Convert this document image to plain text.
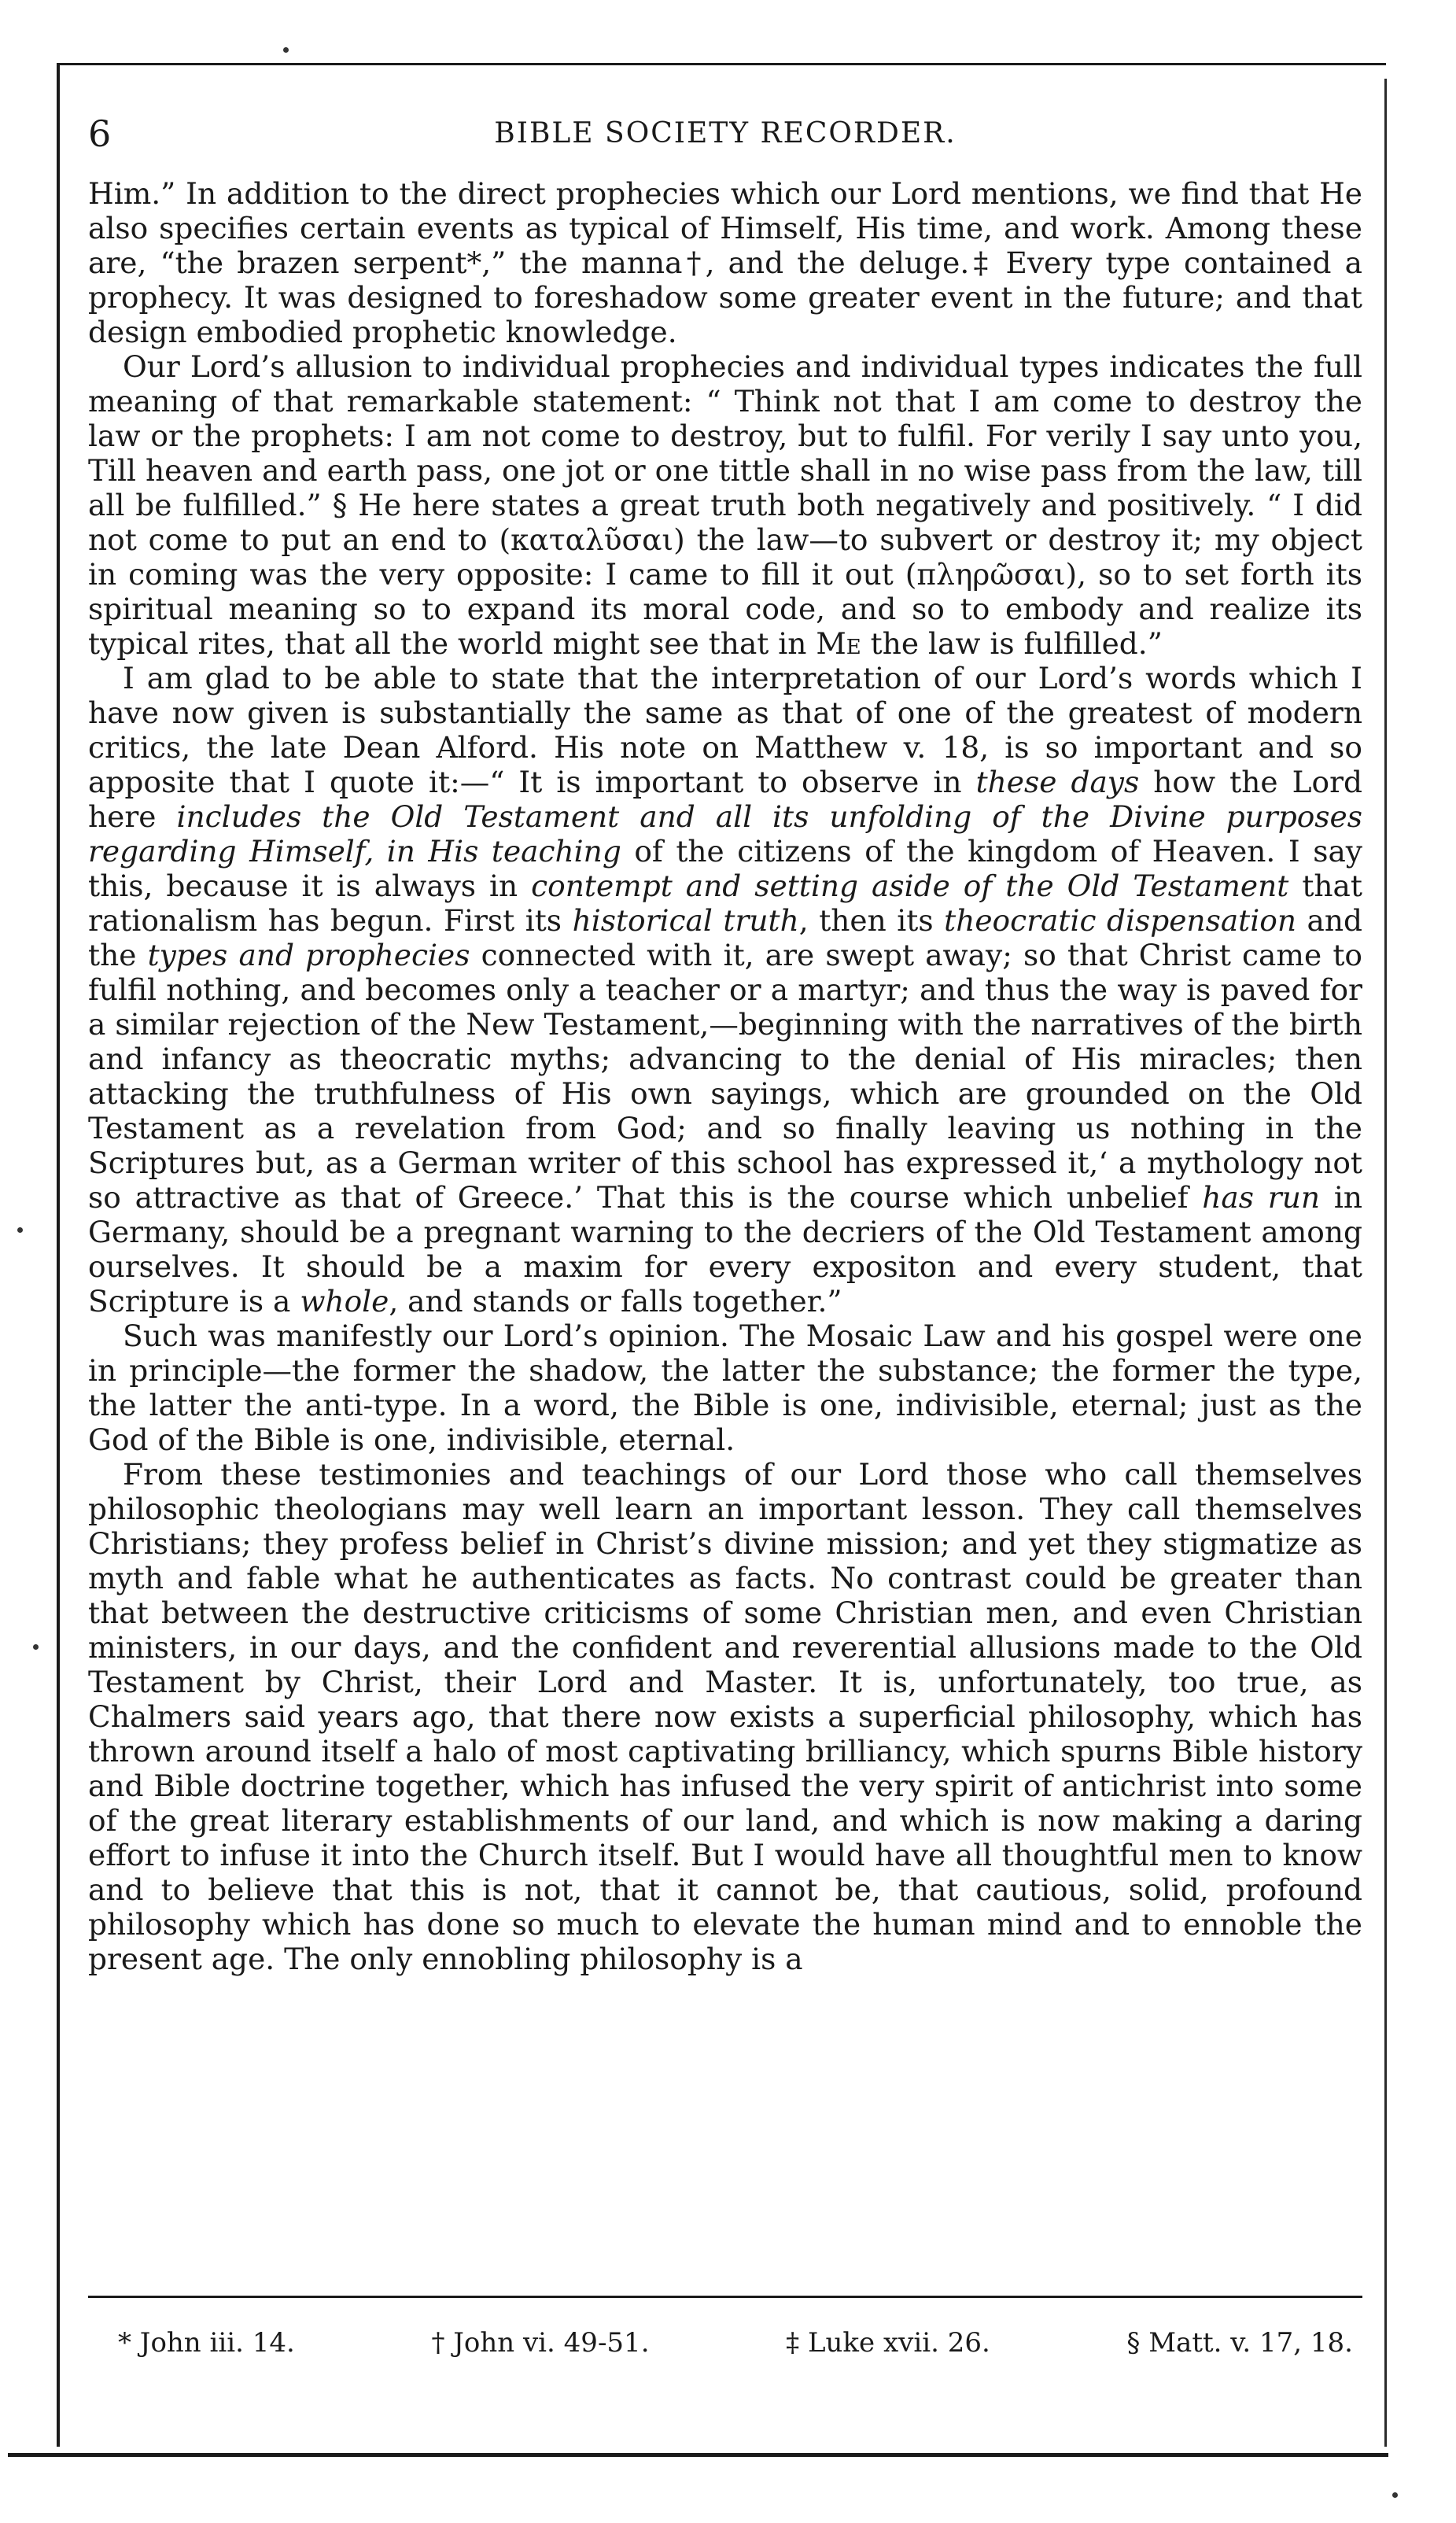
6	BIBLE SOCIETY RECORDER.

Him.” In addition to the direct prophecies which our Lord mentions, we find that He also specifies certain events as typical of Himself, His time, and work. Among these are, “the brazen serpent*,” the manna†, and the deluge.‡ Every type contained a prophecy. It was designed to foreshadow some greater event in the future; and that design embodied prophetic knowledge.

Our Lord’s allusion to individual prophecies and individual types indicates the full meaning of that remarkable statement: “ Think not that I am come to destroy the law or the prophets: I am not come to destroy, but to fulfil. For verily I say unto you, Till heaven and earth pass, one jot or one tittle shall in no wise pass from the law, till all be fulfilled.” § He here states a great truth both negatively and positively. “ I did not come to put an end to (καταλῦσαι) the law—to subvert or destroy it; my object in coming was the very opposite: I came to fill it out (πληρῶσαι), so to set forth its spiritual meaning so to expand its moral code, and so to embody and realize its typical rites, that all the world might see that in Me the law is fulfilled.”

I am glad to be able to state that the interpretation of our Lord’s words which I have now given is substantially the same as that of one of the greatest of modern critics, the late Dean Alford. His note on Matthew v. 18, is so important and so apposite that I quote it:—“ It is important to observe in these days how the Lord here includes the Old Testament and all its unfolding of the Divine purposes regarding Himself, in His teaching of the citizens of the kingdom of Heaven. I say this, because it is always in contempt and setting aside of the Old Testament that rationalism has begun. First its historical truth, then its theocratic dispensation and the types and prophecies connected with it, are swept away; so that Christ came to fulfil nothing, and becomes only a teacher or a martyr; and thus the way is paved for a similar rejection of the New Testament,—beginning with the narratives of the birth and infancy as theocratic myths; advancing to the denial of His miracles; then attacking the truthfulness of His own sayings, which are grounded on the Old Testament as a revelation from God; and so finally leaving us nothing in the Scriptures but, as a German writer of this school has expressed it,‘ a mythology not so attractive as that of Greece.’ That this is the course which unbelief has run in Germany, should be a pregnant warning to the decriers of the Old Testament among ourselves. It should be a maxim for every expositon and every student, that Scripture is a whole, and stands or falls together.”

Such was manifestly our Lord’s opinion. The Mosaic Law and his gospel were one in principle—the former the shadow, the latter the substance; the former the type, the latter the anti-type. In a word, the Bible is one, indivisible, eternal; just as the God of the Bible is one, indivisible, eternal.

From these testimonies and teachings of our Lord those who call themselves philosophic theologians may well learn an important lesson. They call themselves Christians; they profess belief in Christ’s divine mission; and yet they stigmatize as myth and fable what he authenticates as facts. No contrast could be greater than that between the destructive criticisms of some Christian men, and even Christian ministers, in our days, and the confident and reverential allusions made to the Old Testament by Christ, their Lord and Master. It is, unfortunately, too true, as Chalmers said years ago, that there now exists a superficial philosophy, which has thrown around itself a halo of most captivating brilliancy, which spurns Bible history and Bible doctrine together, which has infused the very spirit of antichrist into some of the great literary establishments of our land, and which is now making a daring effort to infuse it into the Church itself. But I would have all thoughtful men to know and to believe that this is not, that it cannot be, that cautious, solid, profound philosophy which has done so much to elevate the human mind and to ennoble the present age. The only ennobling philosophy is a

* John iii. 14.	† John vi. 49-51.	‡ Luke xvii. 26.	§ Matt. v. 17, 18.
